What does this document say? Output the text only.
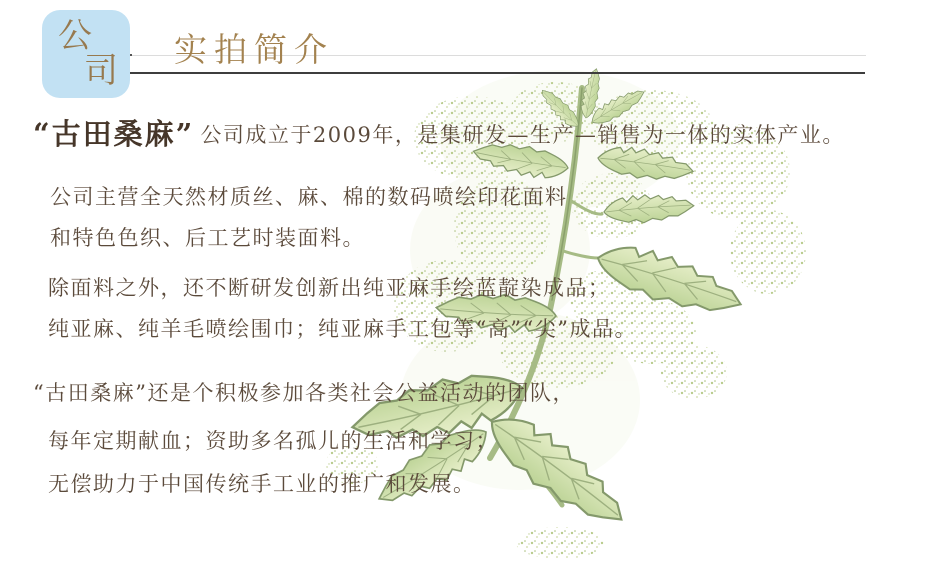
公
司
实拍简介
“古田桑麻” 公司成立于2009年，是集研发—生产—销售为一体的实体产业。
公司主营全天然材质丝、麻、棉的数码喷绘印花面料
和特色色织、后工艺时装面料。
除面料之外，还不断研发创新出纯亚麻手绘蓝靛染成品；
纯亚麻、纯羊毛喷绘围巾；纯亚麻手工包等“高”“尖”成品。
“古田桑麻”还是个积极参加各类社会公益活动的团队，
每年定期献血；资助多名孤儿的生活和学习；
无偿助力于中国传统手工业的推广和发展。
